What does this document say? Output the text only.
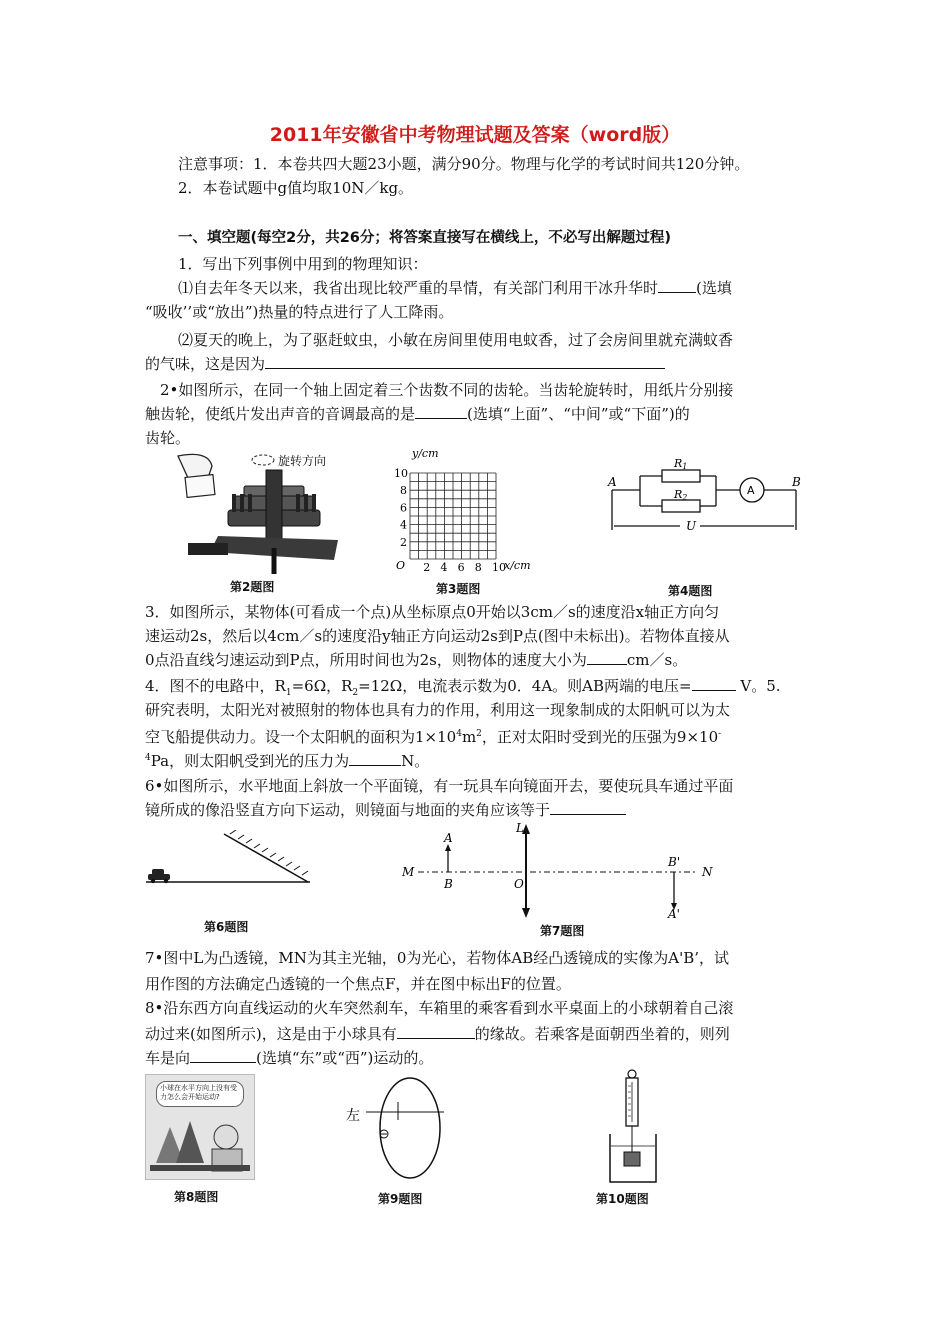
2011年安徽省中考物理试题及答案（word版）
注意事项：1．本卷共四大题23小题，满分90分。物理与化学的考试时间共120分钟。
2．本卷试题中g值均取10N／kg。
一、填空题(每空2分，共26分；将答案直接写在横线上，不必写出解题过程)
1．写出下列事例中用到的物理知识：
⑴自去年冬天以来，我省出现比较严重的旱情，有关部门利用干冰升华时	(选填
“吸收’’或“放出”)热量的特点进行了人工降雨。
⑵夏天的晚上，为了驱赶蚊虫，小敏在房间里使用电蚊香，过了会房间里就充满蚊香
的气味，这是因为
2•如图所示，在同一个轴上固定着三个齿数不同的齿轮。当齿轮旋转时，用纸片分别接
触齿轮，使纸片发出声音的音调最高的是	(选填“上面”、“中间”或“下面”)的
齿轮。
旋转方向
第2题图
y/cm
x/cm
O
10
8
6
4
2
2 4 6 8 10
第3题图
A	B
R1
R2
A
U
第4题图
3．如图所示，某物体(可看成一个点)从坐标原点0开始以3cm／s的速度沿x轴正方向匀
速运动2s，然后以4cm／s的速度沿y轴正方向运动2s到P点(图中未标出)。若物体直接从
0点沿直线匀速运动到P点，所用时间也为2s，则物体的速度大小为	cm／s。
4．图不的电路中，$R_1=6\Omega$，$R_2=12\Omega$，电流表示数为0．4A。则AB两端的电压=	V。5.
研究表明，太阳光对被照射的物体也具有力的作用，利用这一现象制成的太阳帆可以为太
空飞船提供动力。设一个太阳帆的面积为$1\times 10^4m^2$，正对太阳时受到光的压强为9×10-
$^4$Pa，则太阳帆受到光的压力为	N。
6•如图所示，水平地面上斜放一个平面镜，有一玩具车向镜面开去，要使玩具车通过平面
镜所成的像沿竖直方向下运动，则镜面与地面的夹角应该等于
第6题图
M	N
L
A
B	O
B'
A'
第7题图
7•图中L为凸透镜，MN为其主光轴，0为光心，若物体AB经凸透镜成的实像为A'B’，试
用作图的方法确定凸透镜的一个焦点F，并在图中标出F的位置。
8•沿东西方向直线运动的火车突然刹车，车箱里的乘客看到水平桌面上的小球朝着自己滚
动过来(如图所示)，这是由于小球具有	的缘故。若乘客是面朝西坐着的，则列
车是向	(选填“东”或“西”)运动的。
小球在水平方向上没有受力怎么会开始运动?
第8题图
左
第9题图	第10题图
